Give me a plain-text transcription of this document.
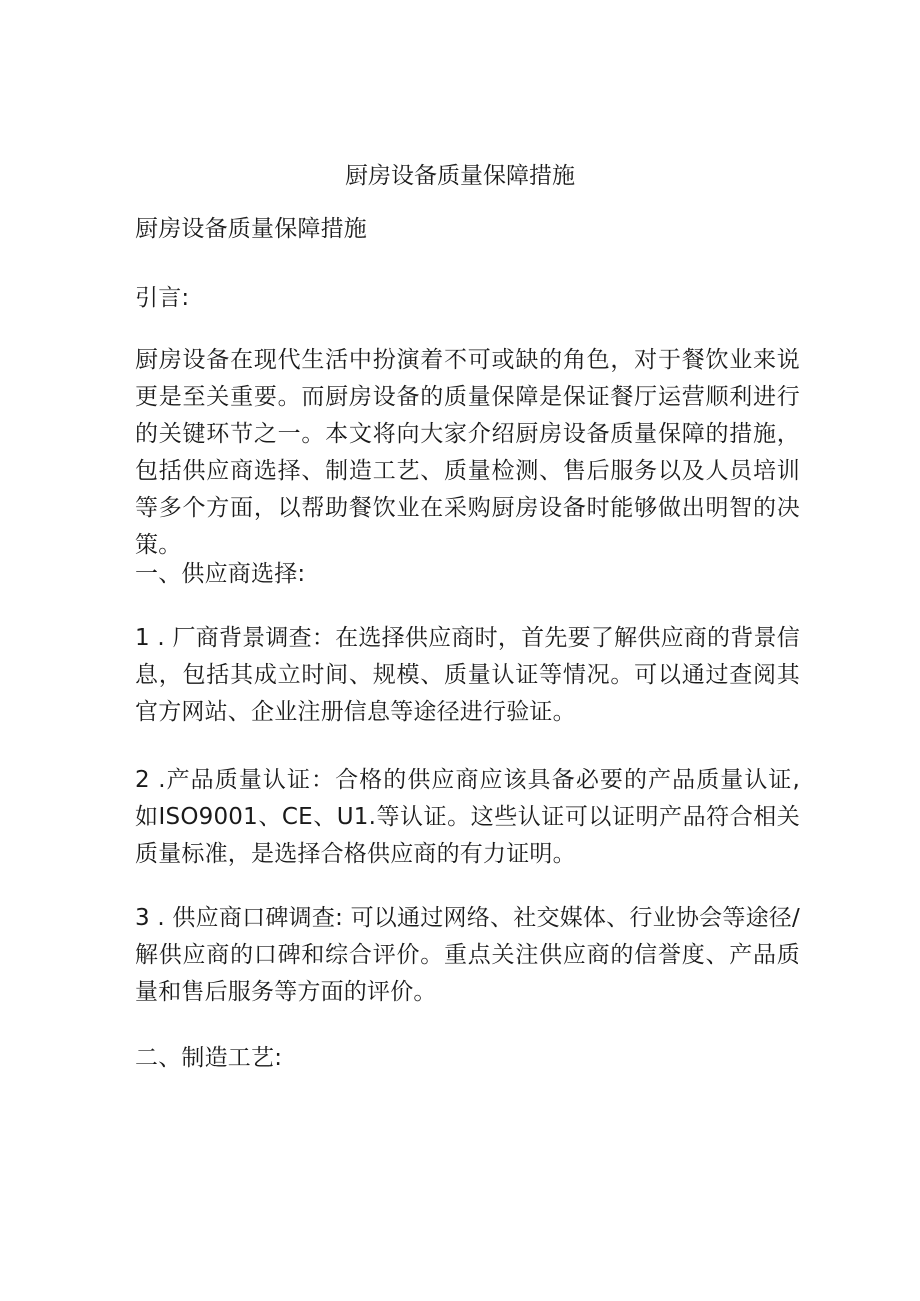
厨房设备质量保障措施

厨房设备质量保障措施

引言:

厨房设备在现代生活中扮演着不可或缺的角色，对于餐饮业来说更是至关重要。而厨房设备的质量保障是保证餐厅运营顺利进行的关键环节之一。本文将向大家介绍厨房设备质量保障的措施，包括供应商选择、制造工艺、质量检测、售后服务以及人员培训等多个方面，以帮助餐饮业在采购厨房设备时能够做出明智的决策。

一、供应商选择:

1 . 厂商背景调查：在选择供应商时，首先要了解供应商的背景信息，包括其成立时间、规模、质量认证等情况。可以通过查阅其官方网站、企业注册信息等途径进行验证。

2 .产品质量认证：合格的供应商应该具备必要的产品质量认证, 如ISO9001、CE、U1.等认证。这些认证可以证明产品符合相关质量标准，是选择合格供应商的有力证明。

3 . 供应商口碑调查: 可以通过网络、社交媒体、行业协会等途径/解供应商的口碑和综合评价。重点关注供应商的信誉度、产品质量和售后服务等方面的评价。

二、制造工艺:
